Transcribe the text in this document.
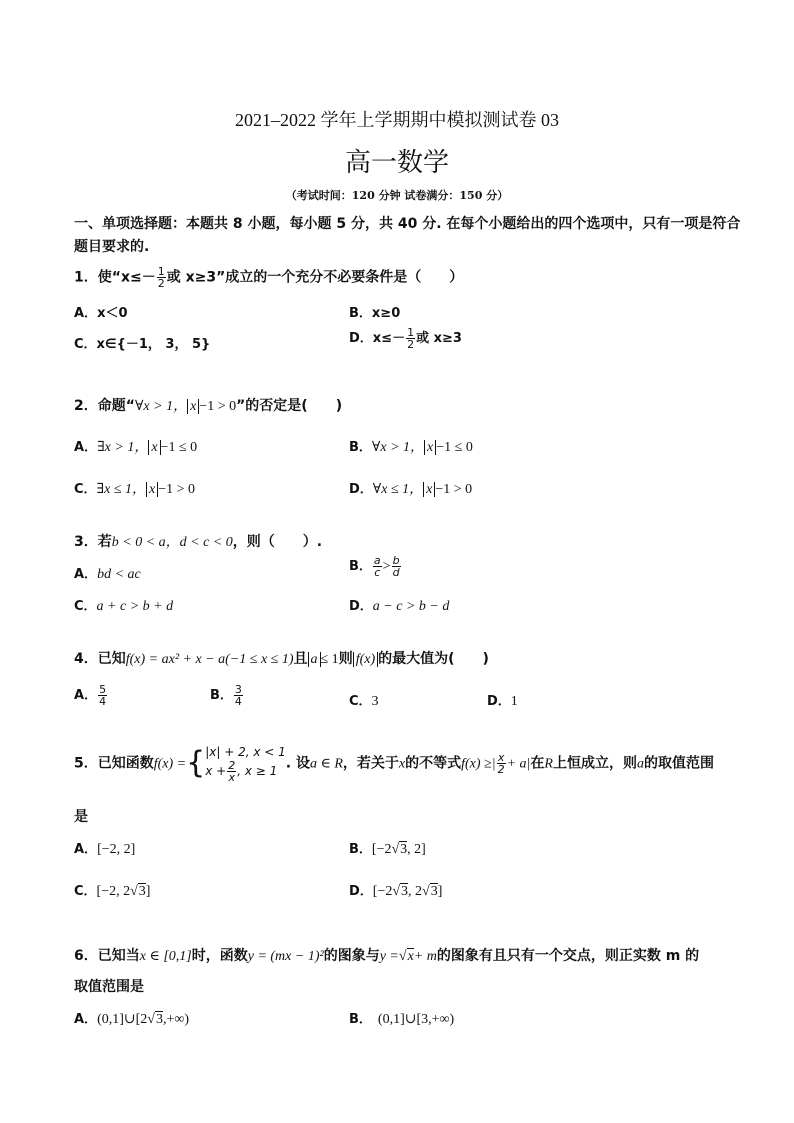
2021–2022 学年上学期期中模拟测试卷 03
高一数学
（考试时间：120 分钟 试卷满分：150 分）
一、单项选择题：本题共 8 小题，每小题 5 分，共 40 分. 在每个小题给出的四个选项中，只有一项是符合
题目要求的.
1．使“$x\le- \frac{1}{2}$ 或 x≥3”成立的一个充分不必要条件是（　　）
A．x＜0	B．x≥0
C．x∈{－1， 3， 5}	D．$x\le- \frac{1}{2}$ 或 x≥3
2．命题“∀x > 1， x −1 > 0”的否定是(　　)
A．∃x > 1， x −1 ≤ 0	B．∀x > 1， x −1 ≤ 0
C．∃x ≤ 1， x −1 > 0	D．∀x ≤ 1， x −1 > 0
3．若b < 0 < a，d < c < 0，则（　　）.
A．bd < ac
B． $\frac{a}{c} > \frac{b}{d}$
C．a + c > b + d	D．a − c > b − d
4．已知f(x) = ax² + x − a(−1 ≤ x ≤ 1)且 a ≤ 1则 f(x) 的最大值为(　　)
A． $\frac{5}{4}$	B． $\frac{3}{4}$	C．3	D．1
5．已知函数f(x) ={ |x| + 2, x < 1
$x + \frac{2}{x}$ , x ≥ 1 . 设a ∈ R，若关于x的不等式f(x) ≥| $\frac{x}{2} + a|$在R上恒成立，则a的取值范围
是
A．[−2, 2]	B．[−2√3, 2]
C．[−2, 2√3]	D．[−2√3, 2√3]
6．已知当x ∈ [0,1]时，函数y = (mx − 1)²的图象与y =√x+ m的图象有且只有一个交点，则正实数 m 的
取值范围是
A．(0,1]∪[2√3,+∞)	B． (0,1]∪[3,+∞)
